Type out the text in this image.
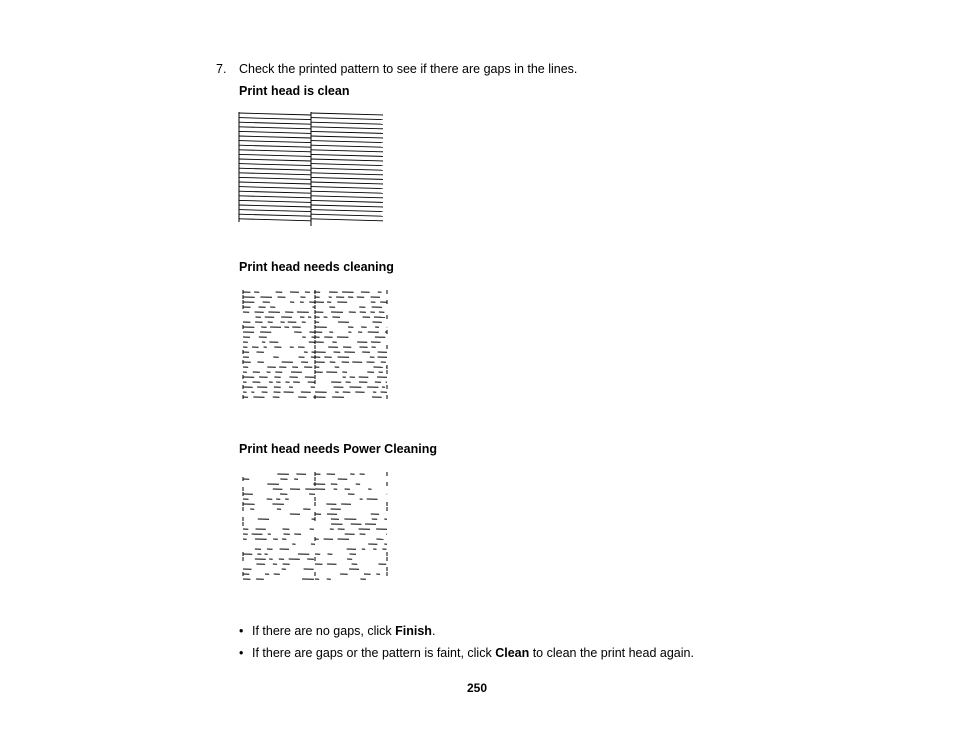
7. Check the printed pattern to see if there are gaps in the lines.
Print head is clean
Print head needs cleaning
Print head needs Power Cleaning
• If there are no gaps, click Finish.
• If there are gaps or the pattern is faint, click Clean to clean the print head again.
250
